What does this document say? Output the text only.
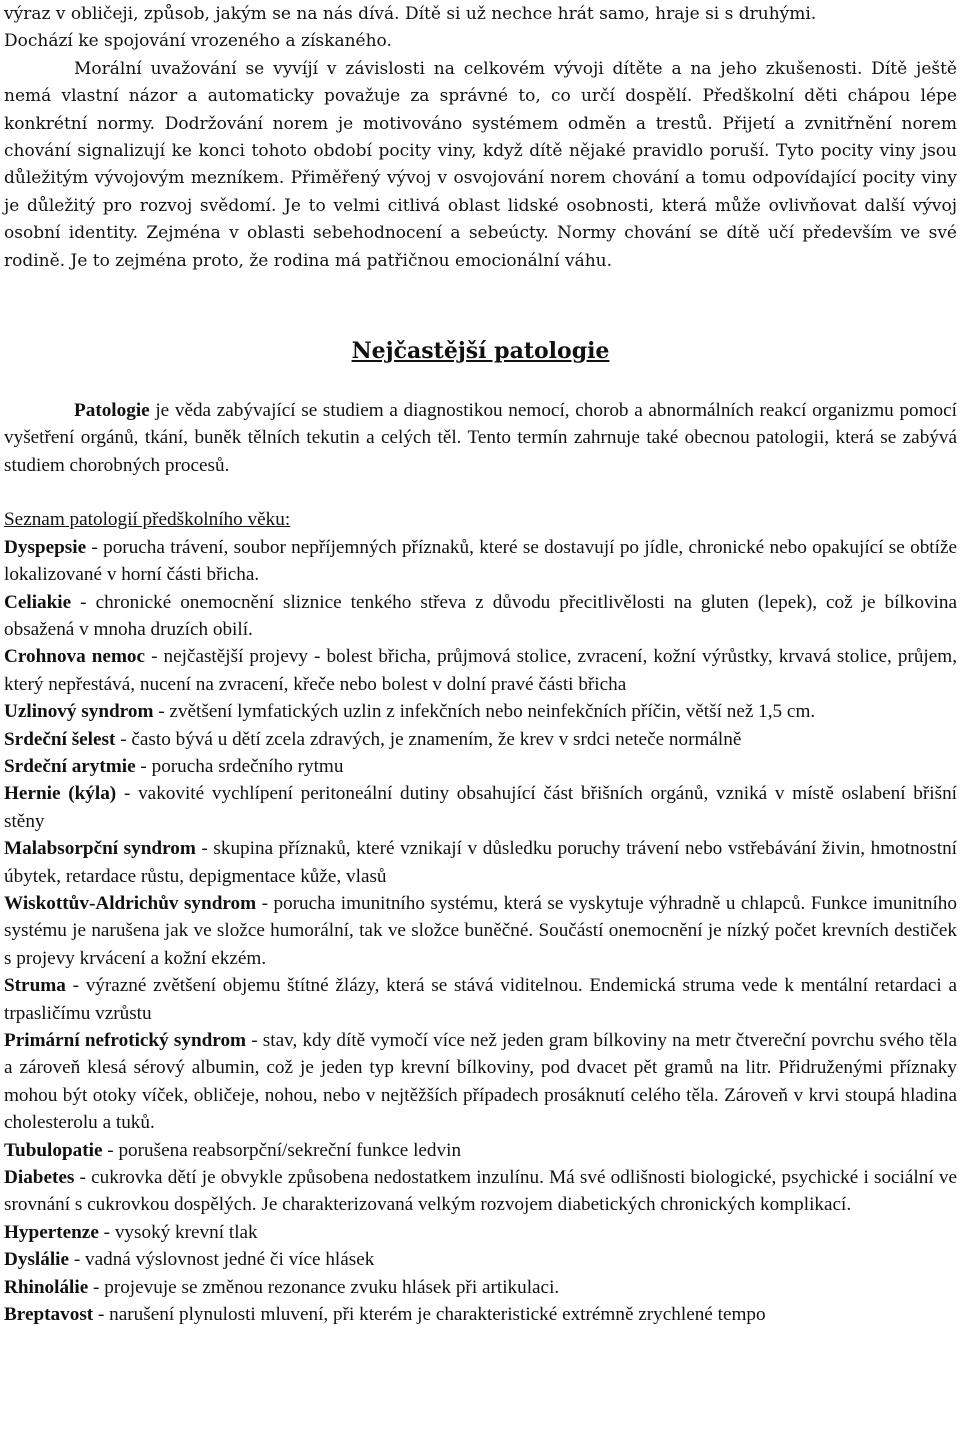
výraz v obličeji, způsob, jakým se na nás dívá. Dítě si už nechce hrát samo, hraje si s druhými.
Dochází ke spojování vrozeného a získaného.
Morální uvažování se vyvíjí v závislosti na celkovém vývoji dítěte a na jeho zkušenosti. Dítě ještě nemá vlastní názor a automaticky považuje za správné to, co určí dospělí. Předškolní děti chápou lépe konkrétní normy. Dodržování norem je motivováno systémem odměn a trestů. Přijetí a zvnitřnění norem chování signalizují ke konci tohoto období pocity viny, když dítě nějaké pravidlo poruší. Tyto pocity viny jsou důležitým vývojovým mezníkem. Přiměřený vývoj v osvojování norem chování a tomu odpovídající pocity viny je důležitý pro rozvoj svědomí. Je to velmi citlivá oblast lidské osobnosti, která může ovlivňovat další vývoj osobní identity. Zejména v oblasti sebehodnocení a sebeúcty. Normy chování se dítě učí především ve své rodině. Je to zejména proto, že rodina má patřičnou emocionální váhu.
Nejčastější patologie
Patologie je věda zabývající se studiem a diagnostikou nemocí, chorob a abnormálních reakcí organizmu pomocí vyšetření orgánů, tkání, buněk tělních tekutin a celých těl. Tento termín zahrnuje také obecnou patologii, která se zabývá studiem chorobných procesů.
Seznam patologií předškolního věku:
Dyspepsie - porucha trávení, soubor nepříjemných příznaků, které se dostavují po jídle, chronické nebo opakující se obtíže lokalizované v horní části břicha.
Celiakie - chronické onemocnění sliznice tenkého střeva z důvodu přecitlivělosti na gluten (lepek), což je bílkovina obsažená v mnoha druzích obilí.
Crohnova nemoc - nejčastější projevy - bolest břicha, průjmová stolice, zvracení, kožní výrůstky, krvavá stolice, průjem, který nepřestává, nucení na zvracení, křeče nebo bolest v dolní pravé části břicha
Uzlinový syndrom - zvětšení lymfatických uzlin z infekčních nebo neinfekčních příčin, větší než 1,5 cm.
Srdeční šelest - často bývá u dětí zcela zdravých, je znamením, že krev v srdci neteče normálně
Srdeční arytmie - porucha srdečního rytmu
Hernie (kýla) - vakovité vychlípení peritoneální dutiny obsahující část břišních orgánů, vzniká v místě oslabení břišní stěny
Malabsorpční syndrom - skupina příznaků, které vznikají v důsledku poruchy trávení nebo vstřebávání živin, hmotnostní úbytek, retardace růstu, depigmentace kůže, vlasů
Wiskottův-Aldrichův syndrom - porucha imunitního systému, která se vyskytuje výhradně u chlapců. Funkce imunitního systému je narušena jak ve složce humorální, tak ve složce buněčné. Součástí onemocnění je nízký počet krevních destiček s projevy krvácení a kožní ekzém.
Struma - výrazné zvětšení objemu štítné žlázy, která se stává viditelnou. Endemická struma vede k mentální retardaci a trpasličímu vzrůstu
Primární nefrotický syndrom - stav, kdy dítě vymočí více než jeden gram bílkoviny na metr čtvereční povrchu svého těla a zároveň klesá sérový albumin, což je jeden typ krevní bílkoviny, pod dvacet pět gramů na litr. Přidruženými příznaky mohou být otoky víček, obličeje, nohou, nebo v nejtěžších případech prosáknutí celého těla. Zároveň v krvi stoupá hladina cholesterolu a tuků.
Tubulopatie - porušena reabsorpční/sekreční funkce ledvin
Diabetes - cukrovka dětí je obvykle způsobena nedostatkem inzulínu. Má své odlišnosti biologické, psychické i sociální ve srovnání s cukrovkou dospělých. Je charakterizovaná velkým rozvojem diabetických chronických komplikací.
Hypertenze - vysoký krevní tlak
Dyslálie - vadná výslovnost jedné či více hlásek
Rhinolálie - projevuje se změnou rezonance zvuku hlásek při artikulaci.
Breptavost - narušení plynulosti mluvení, při kterém je charakteristické extrémně zrychlené tempo
